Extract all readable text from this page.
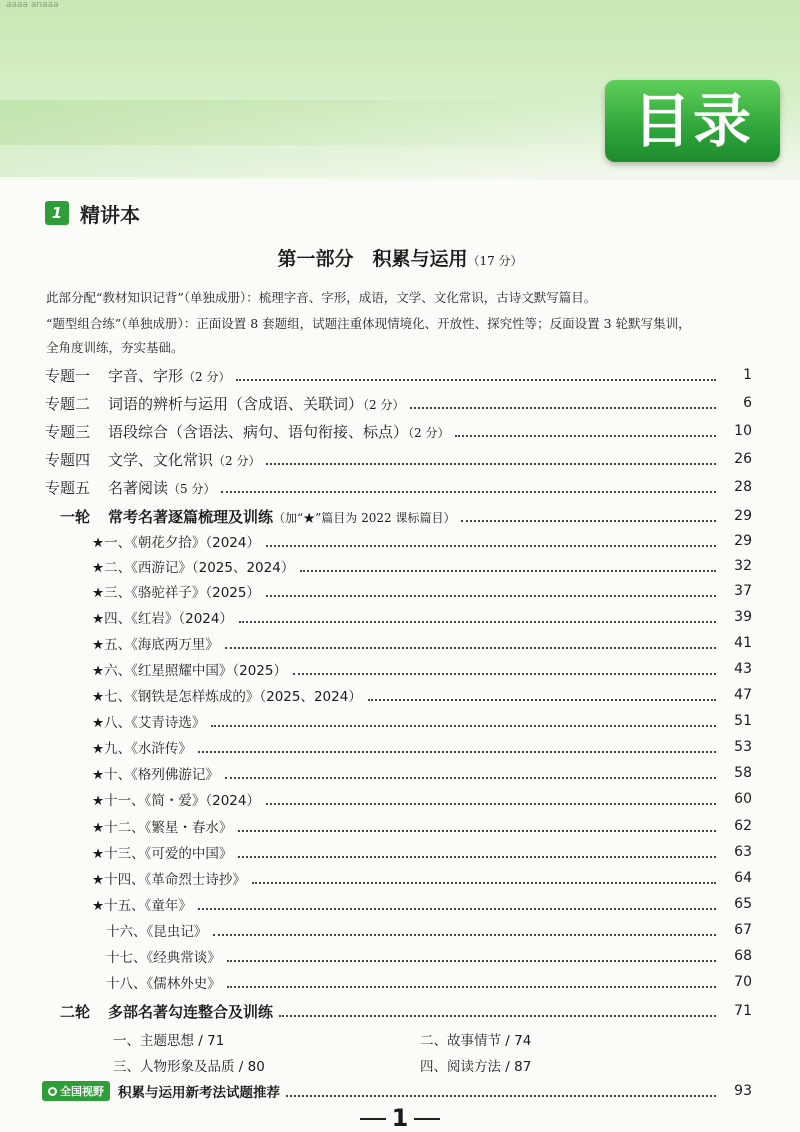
aaaa anaaa
目录
1 精讲本
第一部分　积累与运用（17 分）
此部分配“教材知识记背”（单独成册）：梳理字音、字形，成语，文学、文化常识，古诗文默写篇目。
“题型组合练”（单独成册）：正面设置 8 套题组，试题注重体现情境化、开放性、探究性等；反面设置 3 轮默写集训，
全角度训练，夯实基础。
专题一 字音、字形（2 分）	1
专题二 词语的辨析与运用（含成语、关联词）（2 分）	6
专题三 语段综合（含语法、病句、语句衔接、标点）（2 分）	10
专题四 文学、文化常识（2 分）	26
专题五 名著阅读（5 分）	28
一轮 常考名著逐篇梳理及训练（加“★”篇目为 2022 课标篇目）	29
★一、《朝花夕拾》（2024）	29
★二、《西游记》（2025、2024）	32
★三、《骆驼祥子》（2025）	37
★四、《红岩》（2024）	39
★五、《海底两万里》	41
★六、《红星照耀中国》（2025）	43
★七、《钢铁是怎样炼成的》（2025、2024）	47
★八、《艾青诗选》	51
★九、《水浒传》	53
★十、《格列佛游记》	58
★十一、《简・爱》（2024）	60
★十二、《繁星・春水》	62
★十三、《可爱的中国》	63
★十四、《革命烈士诗抄》	64
★十五、《童年》	65
十六、《昆虫记》	67
十七、《经典常谈》	68
十八、《儒林外史》	70
二轮 多部名著勾连整合及训练	71
一、主题思想 / 71	二、故事情节 / 74
三、人物形象及品质 / 80	四、阅读方法 / 87
全国视野 积累与运用新考法试题推荐	93
1
